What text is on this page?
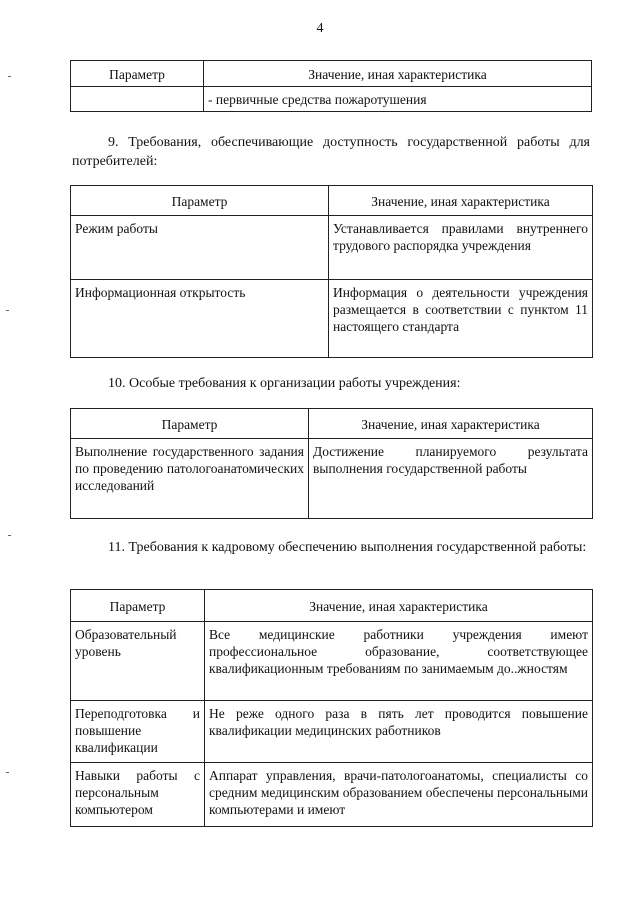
4
Параметр	Значение, иная характеристика
	- первичные средства пожаротушения
9. Требования, обеспечивающие доступность государственной работы для потребителей:
Параметр	Значение, иная характеристика
Режим работы	Устанавливается правилами внутреннего трудового распорядка учреждения
Информационная открытость	Информация о деятельности учреждения размещается в соответствии с пунктом 11 настоящего стандарта
10. Особые требования к организации работы учреждения:
Параметр	Значение, иная характеристика
Выполнение государственного задания по проведению патологоанатомических исследований	Достижение планируемого результата выполнения государственной работы
11. Требования к кадровому обеспечению выполнения государственной работы:
Параметр	Значение, иная характеристика
Образовательный уровень	Все медицинские работники учреждения имеют профессиональное образование, соответствующее квалификационным требованиям по занимаемым до..жностям
Переподготовка и повышение квалификации	Не реже одного раза в пять лет проводится повышение квалификации медицинских работников
Навыки работы с персональным компьютером	Аппарат управления, врачи-патологоанатомы, специалисты со средним медицинским образованием обеспечены персональными компьютерами и имеют
